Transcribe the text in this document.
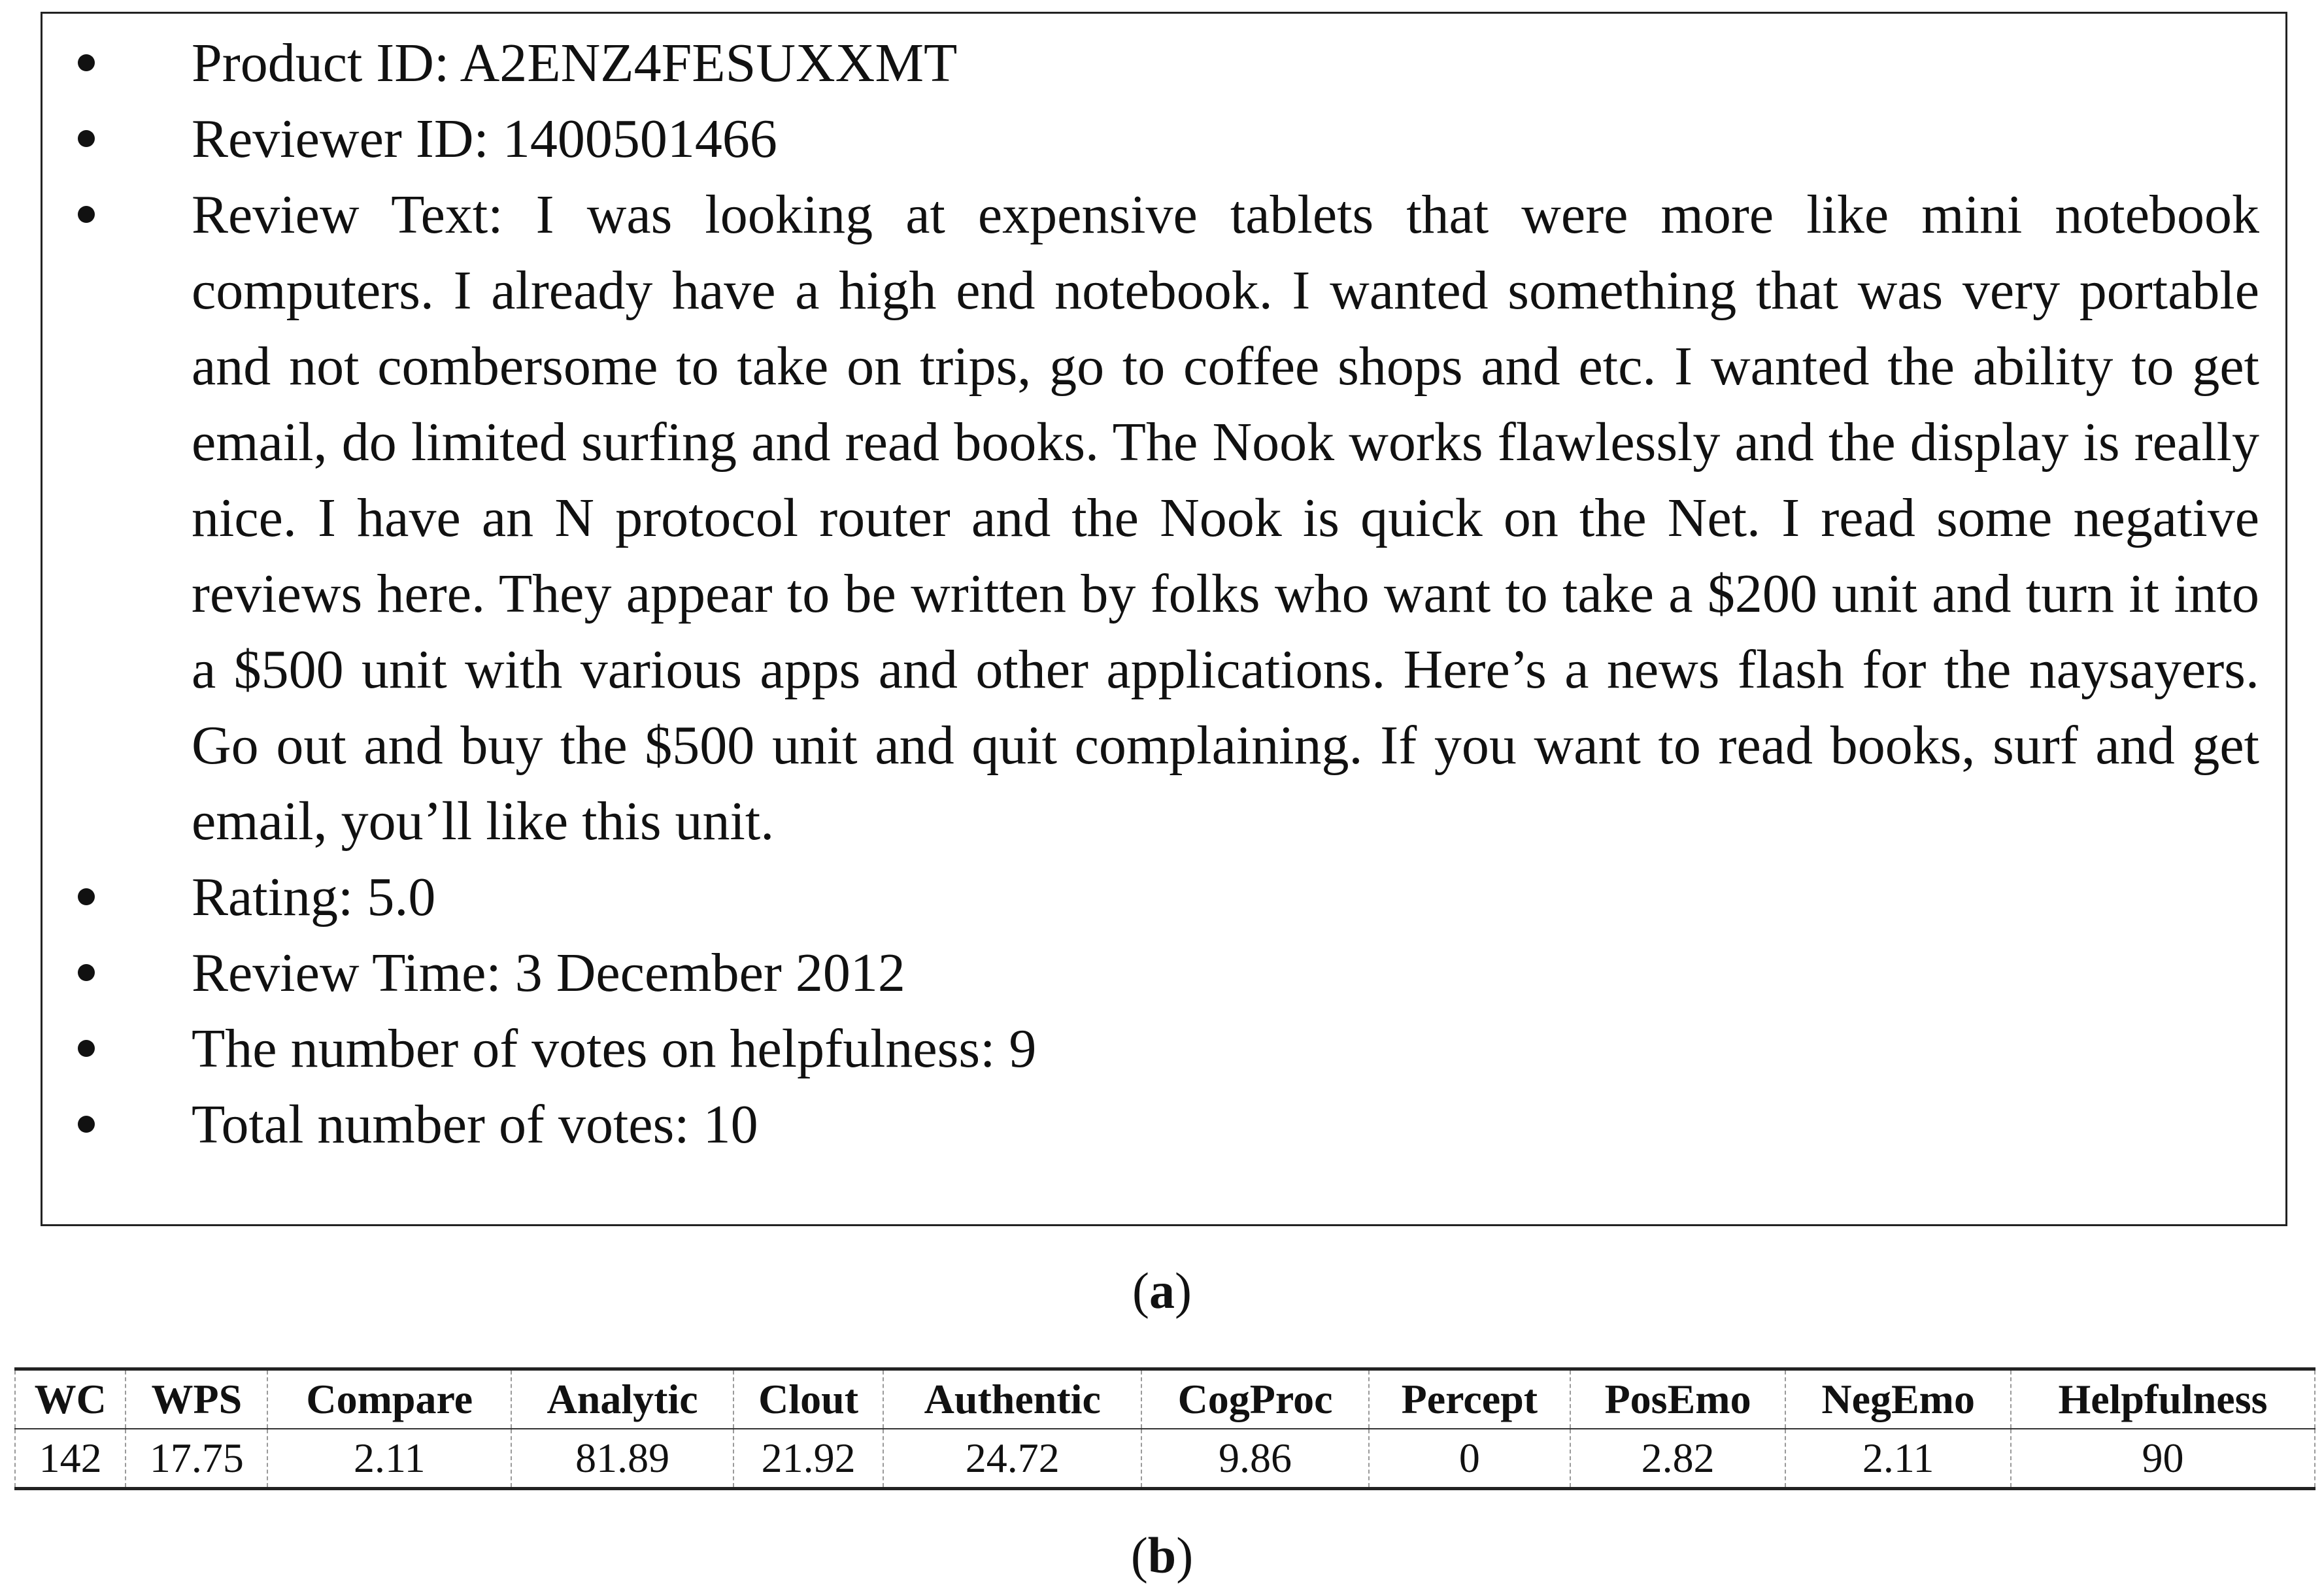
Product ID: A2ENZ4FESUXXMT
Reviewer ID: 1400501466
Review Text: I was looking at expensive tablets that were more like mini notebook computers. I already have a high end notebook. I wanted something that was very portable and not combersome to take on trips, go to coffee shops and etc. I wanted the ability to get email, do limited surfing and read books. The Nook works flawlessly and the display is really nice. I have an N protocol router and the Nook is quick on the Net. I read some negative reviews here. They appear to be written by folks who want to take a $200 unit and turn it into a $500 unit with various apps and other applications. Here’s a news flash for the naysayers. Go out and buy the $500 unit and quit complaining. If you want to read books, surf and get email, you’ll like this unit.
Rating: 5.0
Review Time: 3 December 2012
The number of votes on helpfulness: 9
Total number of votes: 10
(a)
WC	WPS	Compare	Analytic	Clout	Authentic	CogProc	Percept	PosEmo	NegEmo	Helpfulness
142	17.75	2.11	81.89	21.92	24.72	9.86	0	2.82	2.11	90
(b)
